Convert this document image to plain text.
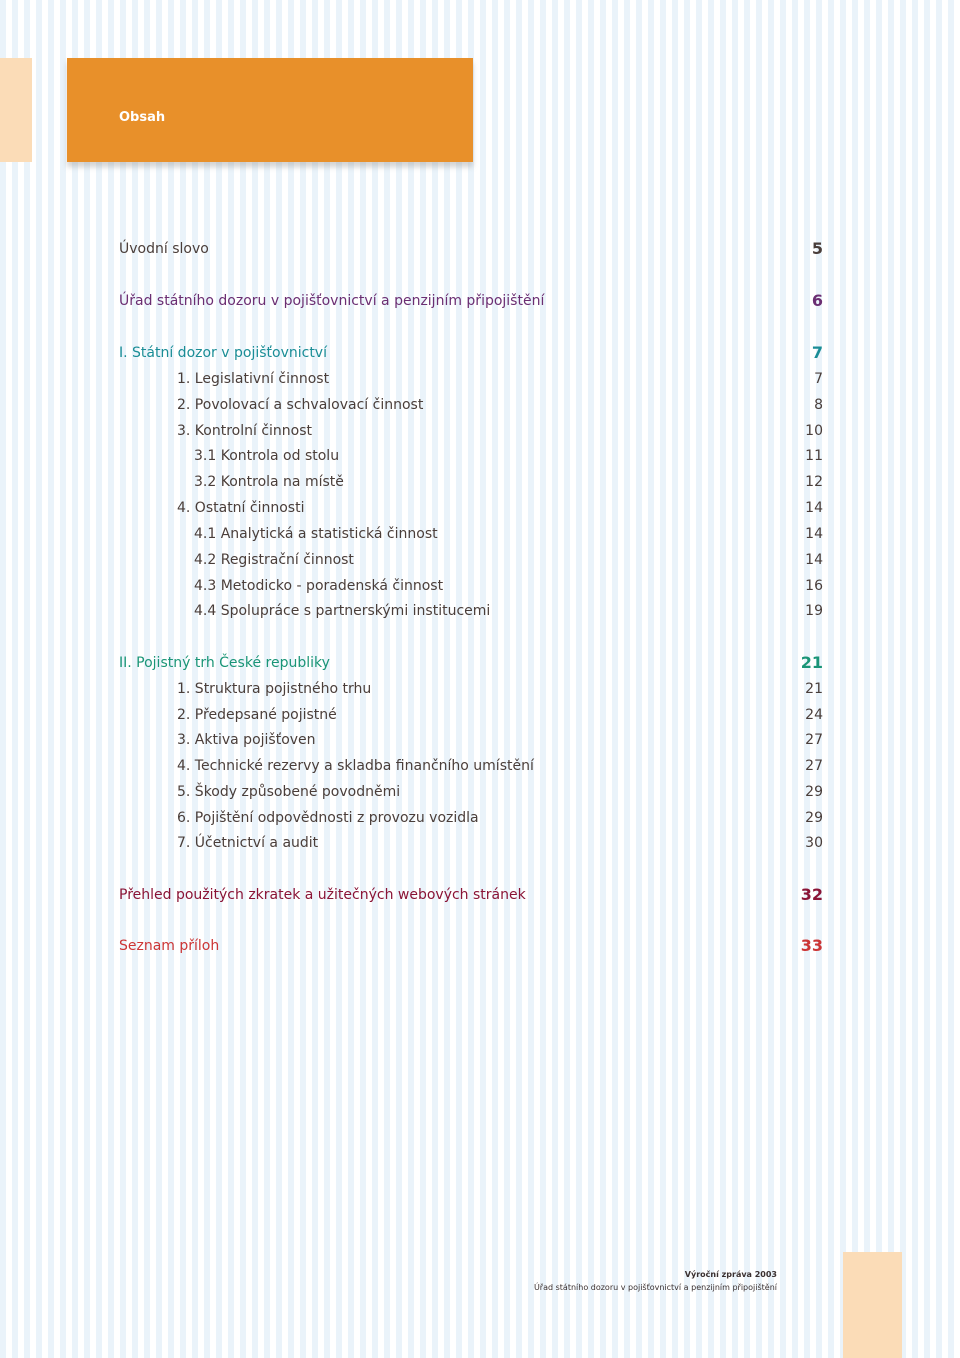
Obsah
Úvodní slovo	5
Úřad státního dozoru v pojišťovnictví a penzijním připojištění	6
I. Státní dozor v pojišťovnictví	7
1. Legislativní činnost	7
2. Povolovací a schvalovací činnost	8
3. Kontrolní činnost	10
3.1 Kontrola od stolu	11
3.2 Kontrola na místě	12
4. Ostatní činnosti	14
4.1 Analytická a statistická činnost	14
4.2 Registrační činnost	14
4.3 Metodicko - poradenská činnost	16
4.4 Spolupráce s partnerskými institucemi	19
II. Pojistný trh České republiky	21
1. Struktura pojistného trhu	21
2. Předepsané pojistné	24
3. Aktiva pojišťoven	27
4. Technické rezervy a skladba finančního umístění	27
5. Škody způsobené povodněmi	29
6. Pojištění odpovědnosti z provozu vozidla	29
7. Účetnictví a audit	30
Přehled použitých zkratek a užitečných webových stránek	32
Seznam příloh	33
Výroční zpráva 2003
Úřad státního dozoru v pojišťovnictví a penzijním připojištění
